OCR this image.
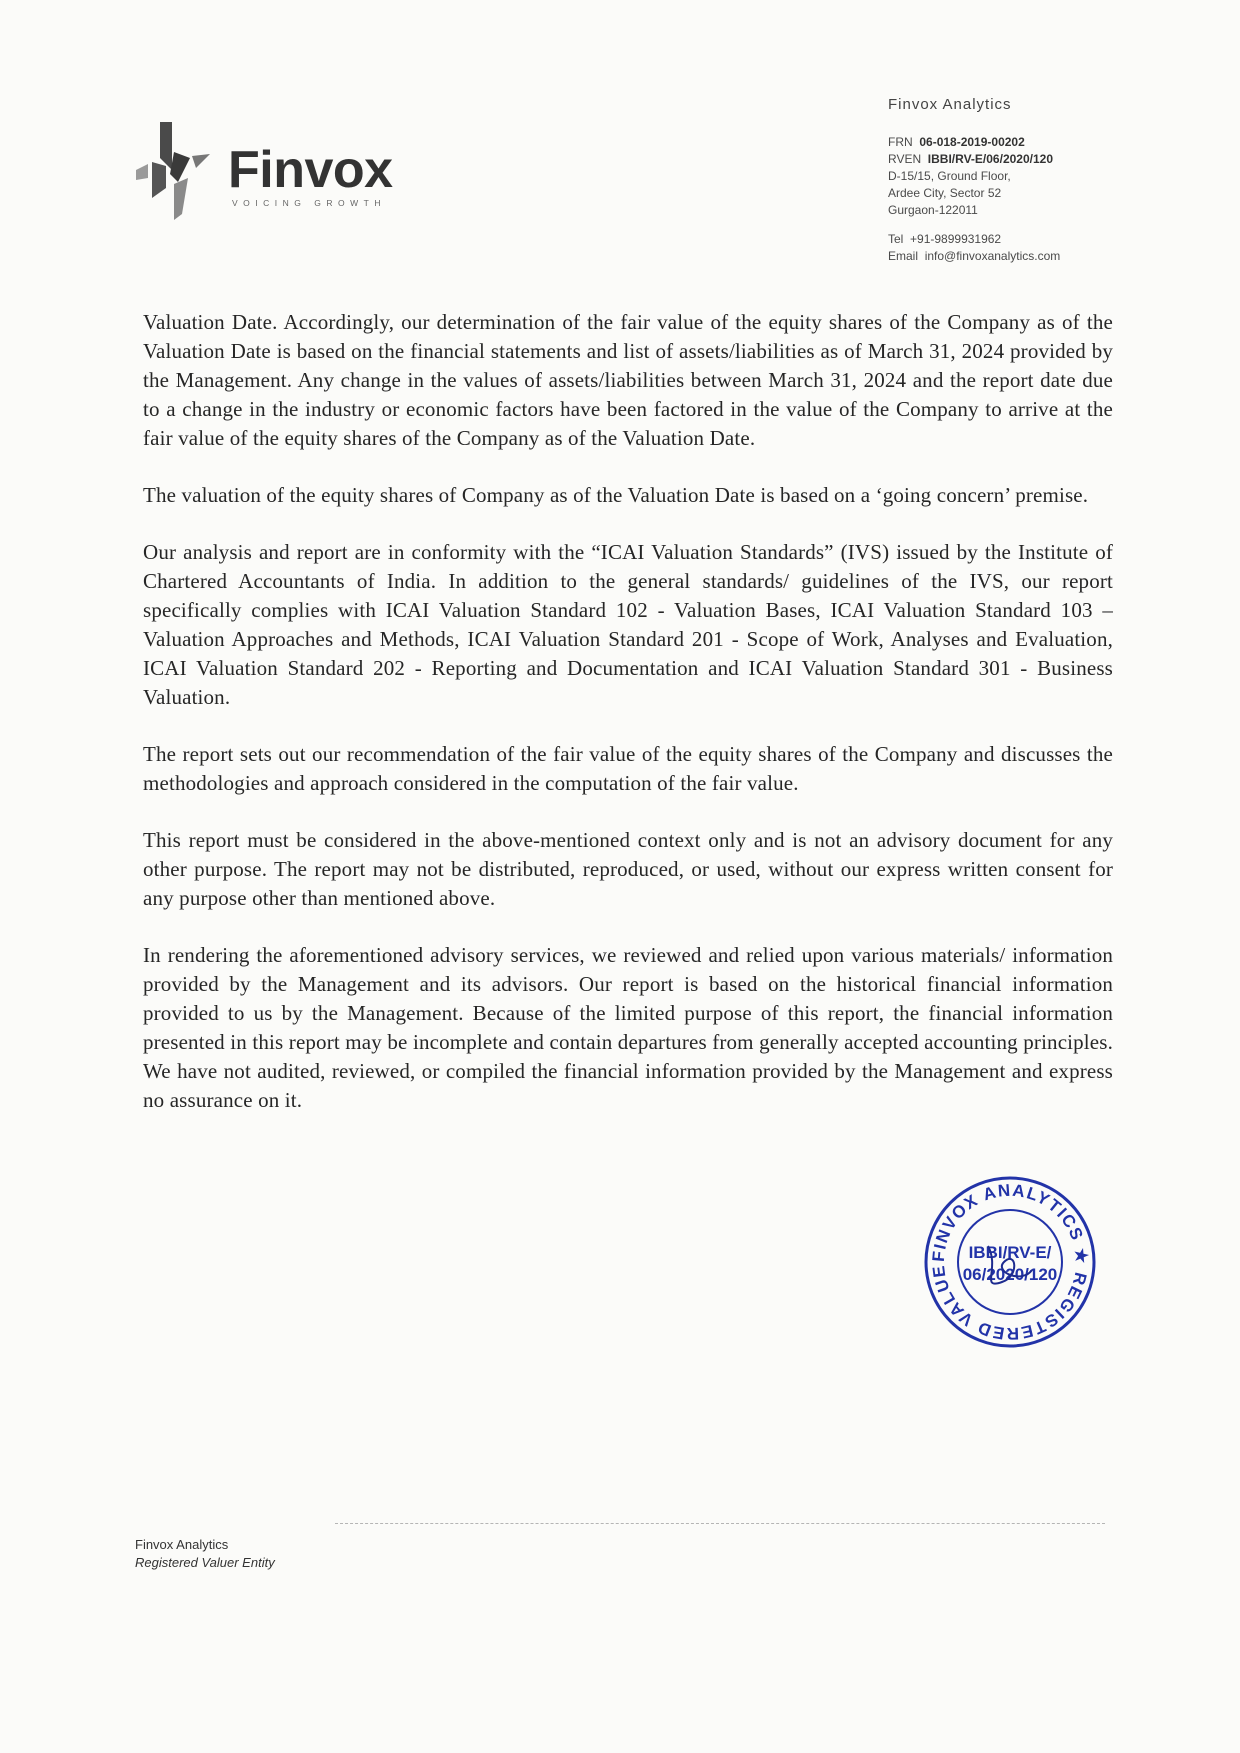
Finvox
VOICING GROWTH
Finvox Analytics
FRN 06-018-2019-00202
RVEN IBBI/RV-E/06/2020/120
D-15/15, Ground Floor,
Ardee City, Sector 52
Gurgaon-122011
Tel +91-9899931962
Email info@finvoxanalytics.com

Valuation Date. Accordingly, our determination of the fair value of the equity shares of the Company as of the Valuation Date is based on the financial statements and list of assets/liabilities as of March 31, 2024 provided by the Management. Any change in the values of assets/liabilities between March 31, 2024 and the report date due to a change in the industry or economic factors have been factored in the value of the Company to arrive at the fair value of the equity shares of the Company as of the Valuation Date.

The valuation of the equity shares of Company as of the Valuation Date is based on a ‘going concern’ premise.

Our analysis and report are in conformity with the “ICAI Valuation Standards” (IVS) issued by the Institute of Chartered Accountants of India. In addition to the general standards/ guidelines of the IVS, our report specifically complies with ICAI Valuation Standard 102 - Valuation Bases, ICAI Valuation Standard 103 – Valuation Approaches and Methods, ICAI Valuation Standard 201 - Scope of Work, Analyses and Evaluation, ICAI Valuation Standard 202 - Reporting and Documentation and ICAI Valuation Standard 301 - Business Valuation.

The report sets out our recommendation of the fair value of the equity shares of the Company and discusses the methodologies and approach considered in the computation of the fair value.

This report must be considered in the above-mentioned context only and is not an advisory document for any other purpose. The report may not be distributed, reproduced, or used, without our express written consent for any purpose other than mentioned above.

In rendering the aforementioned advisory services, we reviewed and relied upon various materials/ information provided by the Management and its advisors. Our report is based on the historical financial information provided to us by the Management. Because of the limited purpose of this report, the financial information presented in this report may be incomplete and contain departures from generally accepted accounting principles. We have not audited, reviewed, or compiled the financial information provided by the Management and express no assurance on it.

FINVOX ANALYTICS ★ REGISTERED VALUE
IBBI/RV-E/
06/2020/120
Finvox Analytics
Registered Valuer Entity
